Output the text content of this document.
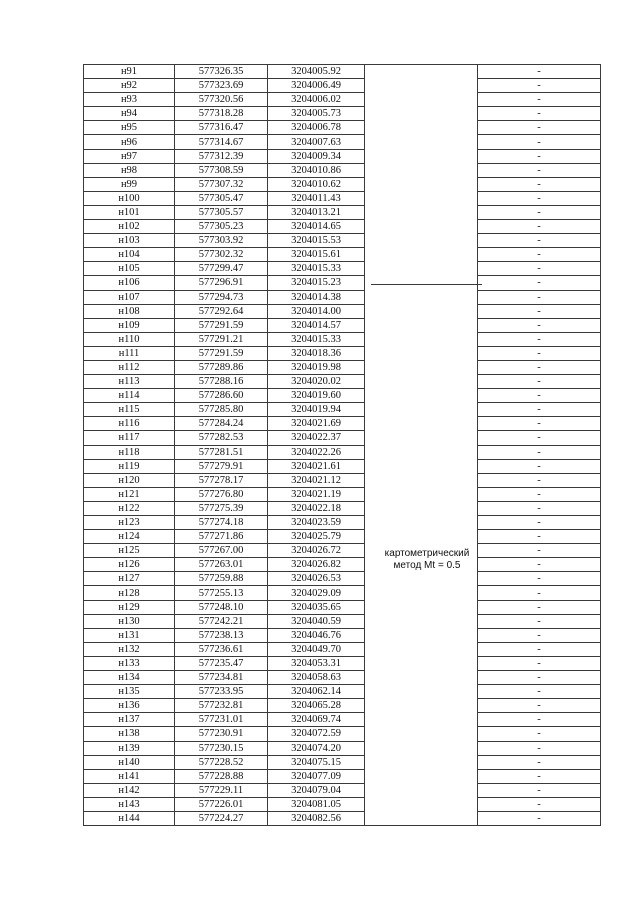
н91	577326.35	3204005.92		-
н92	577323.69	3204006.49		-
н93	577320.56	3204006.02		-
н94	577318.28	3204005.73		-
н95	577316.47	3204006.78		-
н96	577314.67	3204007.63		-
н97	577312.39	3204009.34		-
н98	577308.59	3204010.86		-
н99	577307.32	3204010.62		-
н100	577305.47	3204011.43		-
н101	577305.57	3204013.21		-
н102	577305.23	3204014.65		-
н103	577303.92	3204015.53		-
н104	577302.32	3204015.61		-
н105	577299.47	3204015.33		-
н106	577296.91	3204015.23		-
н107	577294.73	3204014.38		-
н108	577292.64	3204014.00		-
н109	577291.59	3204014.57		-
н110	577291.21	3204015.33		-
н111	577291.59	3204018.36		-
н112	577289.86	3204019.98		-
н113	577288.16	3204020.02		-
н114	577286.60	3204019.60		-
н115	577285.80	3204019.94		-
н116	577284.24	3204021.69		-
н117	577282.53	3204022.37		-
н118	577281.51	3204022.26		-
н119	577279.91	3204021.61		-
н120	577278.17	3204021.12		-
н121	577276.80	3204021.19		-
н122	577275.39	3204022.18		-
н123	577274.18	3204023.59		-
н124	577271.86	3204025.79		-
н125	577267.00	3204026.72		-
н126	577263.01	3204026.82		-
н127	577259.88	3204026.53		-
н128	577255.13	3204029.09		-
н129	577248.10	3204035.65		-
н130	577242.21	3204040.59		-
н131	577238.13	3204046.76		-
н132	577236.61	3204049.70		-
н133	577235.47	3204053.31		-
н134	577234.81	3204058.63		-
н135	577233.95	3204062.14		-
н136	577232.81	3204065.28		-
н137	577231.01	3204069.74		-
н138	577230.91	3204072.59		-
н139	577230.15	3204074.20		-
н140	577228.52	3204075.15		-
н141	577228.88	3204077.09		-
н142	577229.11	3204079.04		-
н143	577226.01	3204081.05		-
н144	577224.27	3204082.56		-
картометрический
метод Mt = 0.5
